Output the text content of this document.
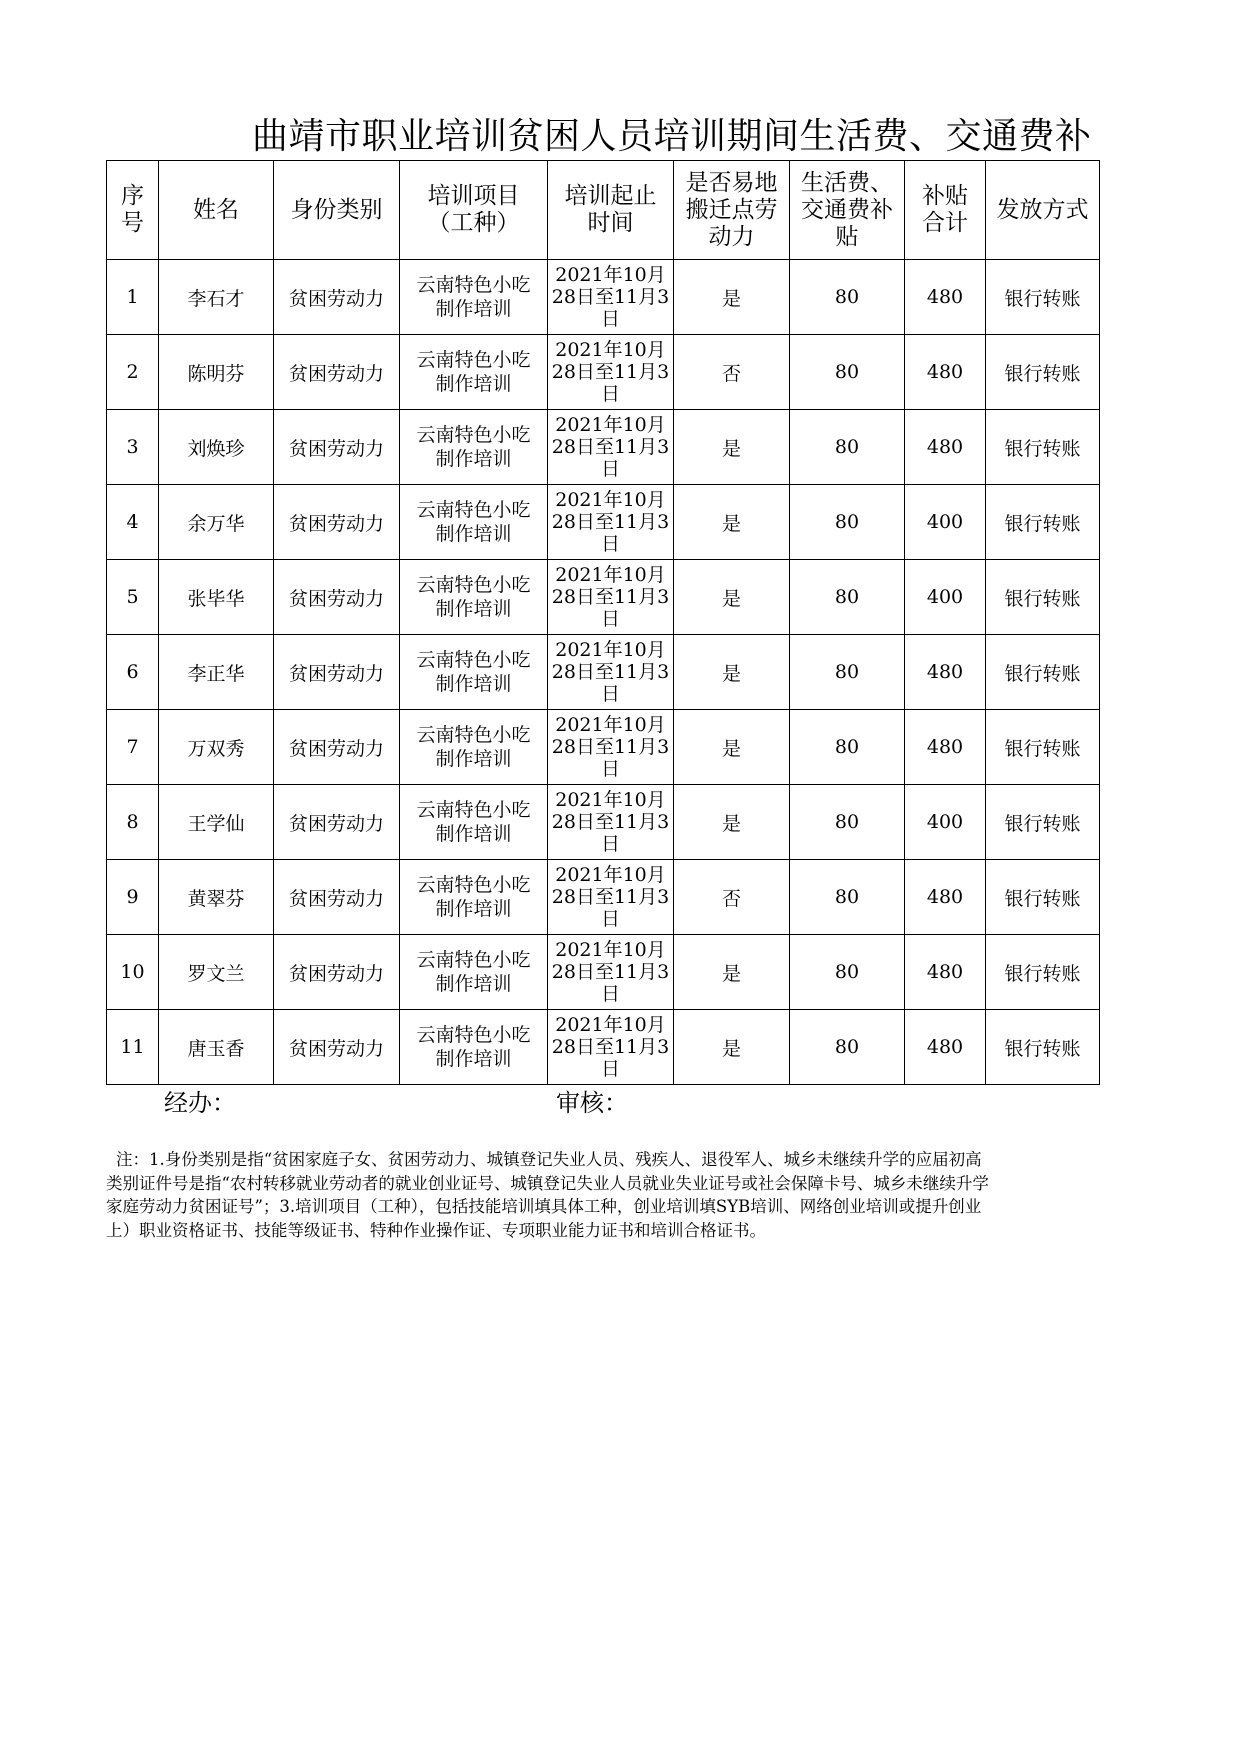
曲靖市职业培训贫困人员培训期间生活费、交通费补
序号	姓名	身份类别	培训项目（工种）	培训起止时间	是否易地搬迁点劳动力	生活费、交通费补贴	补贴合计	发放方式
1	李石才	贫困劳动力	云南特色小吃制作培训	2021年10月28日至11月3日	是	80	480	银行转账
2	陈明芬	贫困劳动力	云南特色小吃制作培训	2021年10月28日至11月3日	否	80	480	银行转账
3	刘焕珍	贫困劳动力	云南特色小吃制作培训	2021年10月28日至11月3日	是	80	480	银行转账
4	余万华	贫困劳动力	云南特色小吃制作培训	2021年10月28日至11月3日	是	80	400	银行转账
5	张毕华	贫困劳动力	云南特色小吃制作培训	2021年10月28日至11月3日	是	80	400	银行转账
6	李正华	贫困劳动力	云南特色小吃制作培训	2021年10月28日至11月3日	是	80	480	银行转账
7	万双秀	贫困劳动力	云南特色小吃制作培训	2021年10月28日至11月3日	是	80	480	银行转账
8	王学仙	贫困劳动力	云南特色小吃制作培训	2021年10月28日至11月3日	是	80	400	银行转账
9	黄翠芬	贫困劳动力	云南特色小吃制作培训	2021年10月28日至11月3日	否	80	480	银行转账
10	罗文兰	贫困劳动力	云南特色小吃制作培训	2021年10月28日至11月3日	是	80	480	银行转账
11	唐玉香	贫困劳动力	云南特色小吃制作培训	2021年10月28日至11月3日	是	80	480	银行转账
经办：	审核：
注：1.身份类别是指“贫困家庭子女、贫困劳动力、城镇登记失业人员、残疾人、退役军人、城乡未继续升学的应届初高
类别证件号是指“农村转移就业劳动者的就业创业证号、城镇登记失业人员就业失业证号或社会保障卡号、城乡未继续升学
家庭劳动力贫困证号”；3.培训项目（工种），包括技能培训填具体工种，创业培训填SYB培训、网络创业培训或提升创业
上）职业资格证书、技能等级证书、特种作业操作证、专项职业能力证书和培训合格证书。
